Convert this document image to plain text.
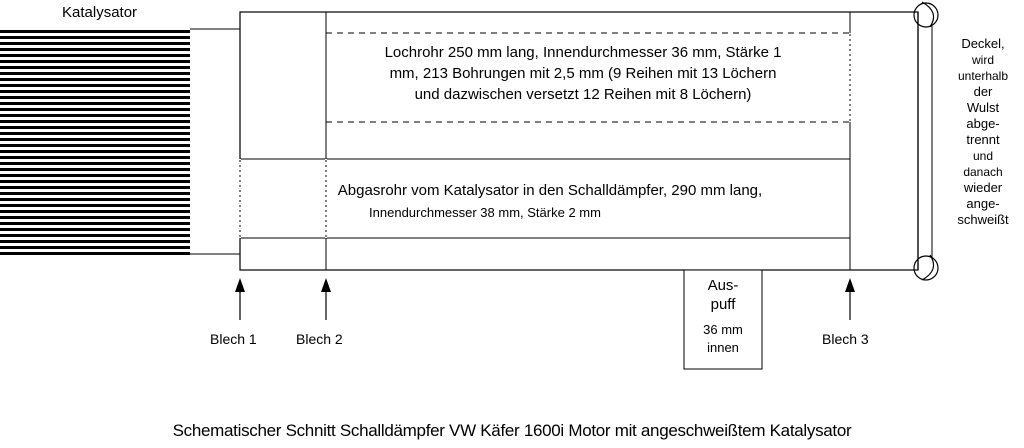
Katalysator
Lochrohr 250 mm lang, Innendurchmesser 36 mm, Stärke 1
mm, 213 Bohrungen mit 2,5 mm (9 Reihen mit 13 Löchern
und dazwischen versetzt 12 Reihen mit 8 Löchern)
Abgasrohr vom Katalysator in den Schalldämpfer, 290 mm lang,
Innendurchmesser 38 mm, Stärke 2 mm
Blech 1	Blech 2	Blech 3
Aus-
puff
36 mm
innen
Deckel,
wird
unterhalb
der
Wulst
abge-
trennt
und
danach
wieder
ange-
schweißt
Schematischer Schnitt Schalldämpfer VW Käfer 1600i Motor mit angeschweißtem Katalysator
